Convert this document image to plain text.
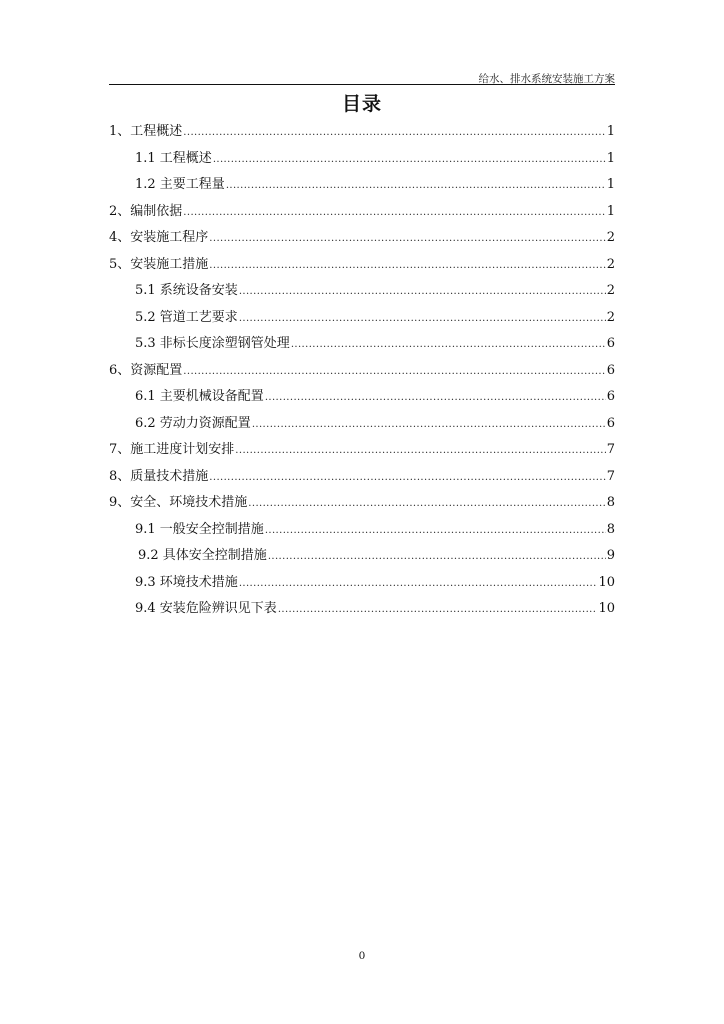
给水、排水系统安装施工方案
目录
1、工程概述 .....	1
1.1 工程概述 .....	1
1.2 主要工程量 .....	1
2、编制依据 .....	1
4、安装施工程序 .....	2
5、安装施工措施 .....	2
5.1 系统设备安装 .....	2
5.2 管道工艺要求 .....	2
5.3 非标长度涂塑钢管处理 .....	6
6、资源配置 .....	6
6.1 主要机械设备配置 .....	6
6.2 劳动力资源配置 .....	6
7、施工进度计划安排 .....	7
8、质量技术措施 .....	7
9、安全、环境技术措施 .....	8
9.1 一般安全控制措施 .....	8
9.2 具体安全控制措施 .....	9
9.3 环境技术措施 .....	10
9.4 安装危险辨识见下表 .....	10
0
